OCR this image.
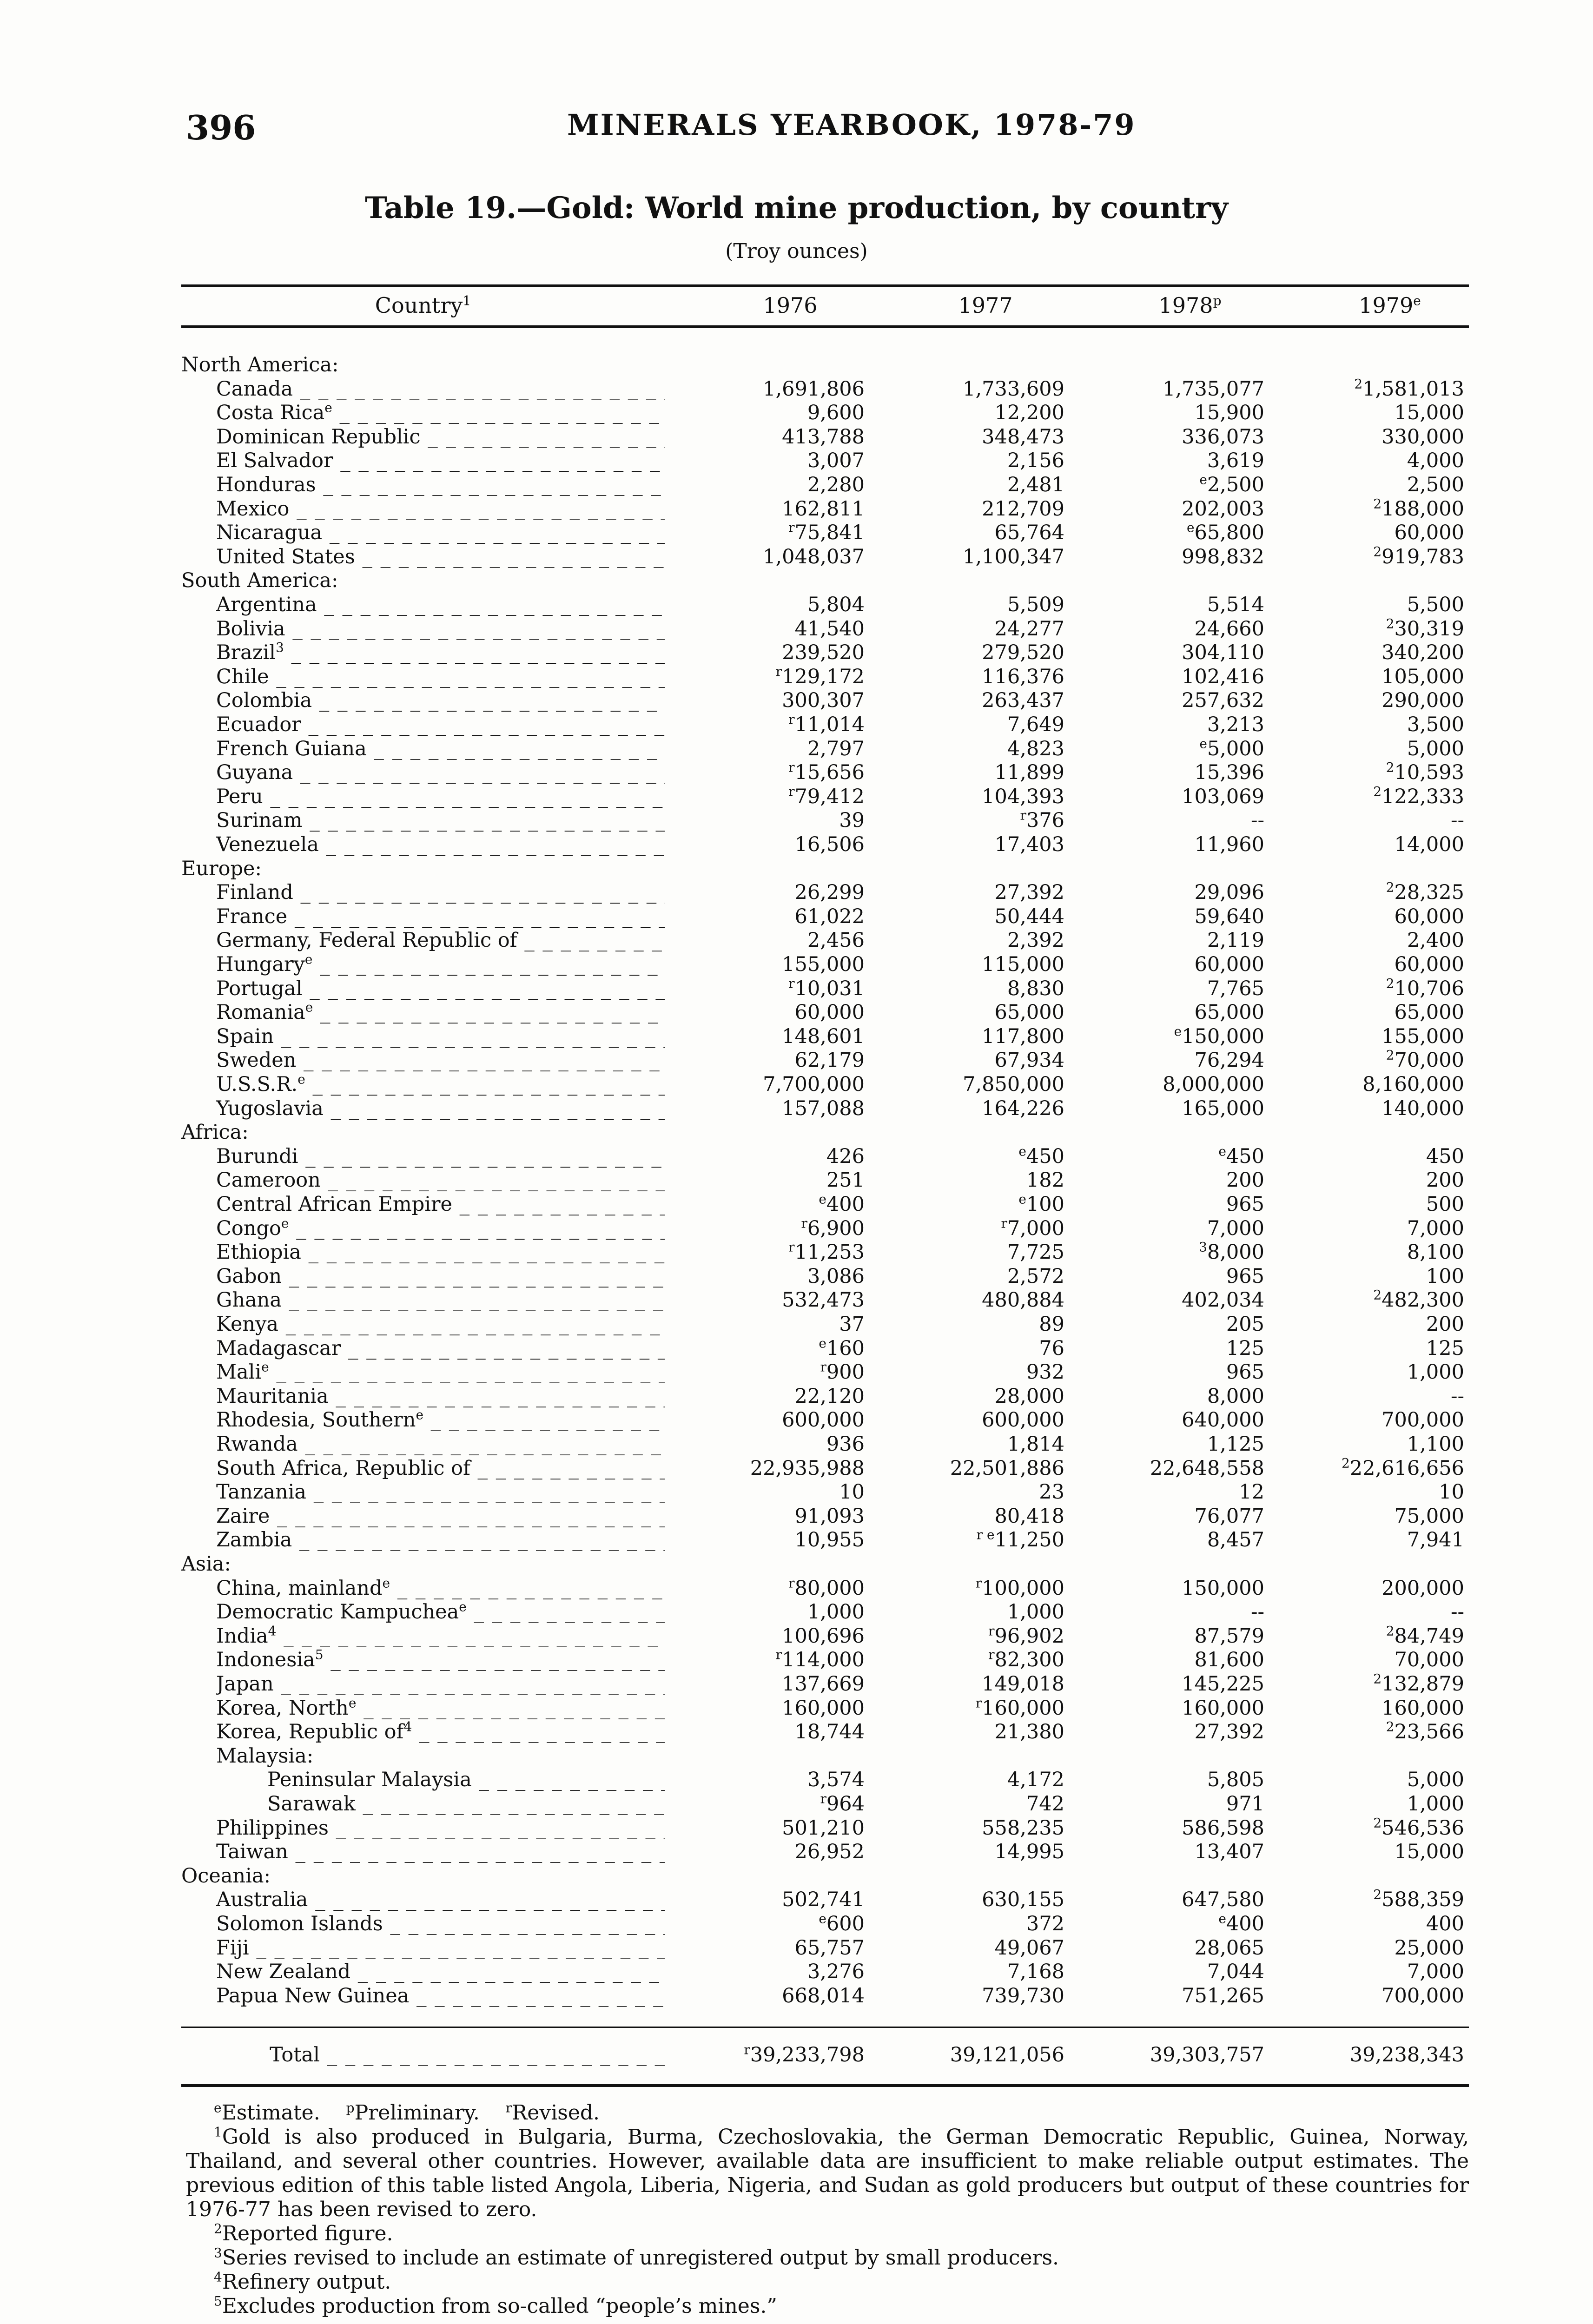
396	MINERALS YEARBOOK, 1978-79
Table 19.—Gold: World mine production, by country
(Troy ounces)
Country$^1$	1976	1977	1978$^p$	1979e
North America:
Canada _ _ _	1,691,806	1,733,609	1,735,077	$^2$1,581,013
Costa Rica$^e$ _ _ _	9,600	12,200	15,900	15,000
Dominican Republic _ _ _	413,788	348,473	336,073	330,000
El Salvador _ _ _	3,007	2,156	3,619	4,000
Honduras _ _ _	2,280	2,481	$^e$2,500	2,500
Mexico _ _ _	162,811	212,709	202,003	$^2$188,000
Nicaragua _ _ _	$^r$75,841	65,764	$^e$65,800	60,000
United States _ _ _	1,048,037	1,100,347	998,832	$^2$919,783
South America:
Argentina _ _ _	5,804	5,509	5,514	5,500
Bolivia _ _ _	41,540	24,277	24,660	$^2$30,319
Brazil$^3$ _ _ _	239,520	279,520	304,110	340,200
Chile _ _ _	$^r$129,172	116,376	102,416	105,000
Colombia _ _ _	300,307	263,437	257,632	290,000
Ecuador _ _ _	$^r$11,014	7,649	3,213	3,500
French Guiana _ _ _	2,797	4,823	$^e$5,000	5,000
Guyana _ _ _	$^r$15,656	11,899	15,396	$^2$10,593
Peru _ _ _	$^r$79,412	104,393	103,069	$^2$122,333
Surinam _ _ _	39	$^r$376	--	--
Venezuela _ _ _	16,506	17,403	11,960	14,000
Europe:
Finland _ _ _	26,299	27,392	29,096	$^2$28,325
France _ _ _	61,022	50,444	59,640	60,000
Germany, Federal Republic of _ _ _	2,456	2,392	2,119	2,400
Hungary$^e$ _ _ _	155,000	115,000	60,000	60,000
Portugal _ _ _	$^r$10,031	8,830	7,765	$^2$10,706
Romania$^e$ _ _ _	60,000	65,000	65,000	65,000
Spain _ _ _	148,601	117,800	$^e$150,000	155,000
Sweden _ _ _	62,179	67,934	76,294	$^2$70,000
U.S.S.R.$^e$ _ _ _	7,700,000	7,850,000	8,000,000	8,160,000
Yugoslavia _ _ _	157,088	164,226	165,000	140,000
Africa:
Burundi _ _ _	426	$^e$450	$^e$450	450
Cameroon _ _ _	251	182	200	200
Central African Empire _ _ _	$^e$400	$^e$100	965	500
Congo$^e$ _ _ _	$^r$6,900	$^r$7,000	7,000	7,000
Ethiopia _ _ _	$^r$11,253	7,725	$^3$8,000	8,100
Gabon _ _ _	3,086	2,572	965	100
Ghana _ _ _	532,473	480,884	402,034	$^2$482,300
Kenya _ _ _	37	89	205	200
Madagascar _ _ _	$^e$160	76	125	125
Mali$^e$ _ _ _	$^r$900	932	965	1,000
Mauritania _ _ _	22,120	28,000	8,000	--
Rhodesia, Southern$^e$ _ _ _	600,000	600,000	640,000	700,000
Rwanda _ _ _	936	1,814	1,125	1,100
South Africa, Republic of _ _ _	22,935,988	22,501,886	22,648,558	$^2$22,616,656
Tanzania _ _ _	10	23	12	10
Zaire _ _ _	91,093	80,418	76,077	75,000
Zambia _ _ _	10,955	$^{r e}$11,250	8,457	7,941
Asia:
China, mainland$^e$ _ _ _	$^r$80,000	$^r$100,000	150,000	200,000
Democratic Kampuchea$^e$ _ _ _	1,000	1,000	--	--
India$^4$ _ _ _	100,696	$^r$96,902	87,579	$^2$84,749
Indonesia$^5$ _ _ _	$^r$114,000	$^r$82,300	81,600	70,000
Japan _ _ _	137,669	149,018	145,225	$^2$132,879
Korea, North$^e$ _ _ _	160,000	$^r$160,000	160,000	160,000
Korea, Republic $of^4$ _ _ _	18,744	21,380	27,392	$^2$23,566
Malaysia:
Peninsular Malaysia _ _ _	3,574	4,172	5,805	5,000
Sarawak _ _ _	$^r$964	742	971	1,000
Philippines _ _ _	501,210	558,235	586,598	$^2$546,536
Taiwan _ _ _	26,952	14,995	13,407	15,000
Oceania:
Australia _ _ _	502,741	630,155	647,580	$^2$588,359
Solomon Islands _ _ _	$^e$600	372	$^e$400	400
Fiji _ _ _	65,757	49,067	28,065	25,000
New Zealand _ _ _	3,276	7,168	7,044	7,000
Papua New Guinea _ _ _	668,014	739,730	751,265	700,000
Total _ _ _	$^r$39,233,798	39,121,056	39,303,757	39,238,343
$^e$Estimate. $^p$Preliminary. $^r$Revised.
$^1$Gold is also produced in Bulgaria, Burma, Czechoslovakia, the German Democratic Republic, Guinea, Norway, Thailand, and several other countries. However, available data are insufficient to make reliable output estimates. The previous edition of this table listed Angola, Liberia, Nigeria, and Sudan as gold producers but output of these countries for 1976-77 has been revised to zero.
$^2$Reported figure.
$^3$Series revised to include an estimate of unregistered output by small producers.
$^4$Refinery output.
$^5$Excludes production from so-called “people’s mines.”
